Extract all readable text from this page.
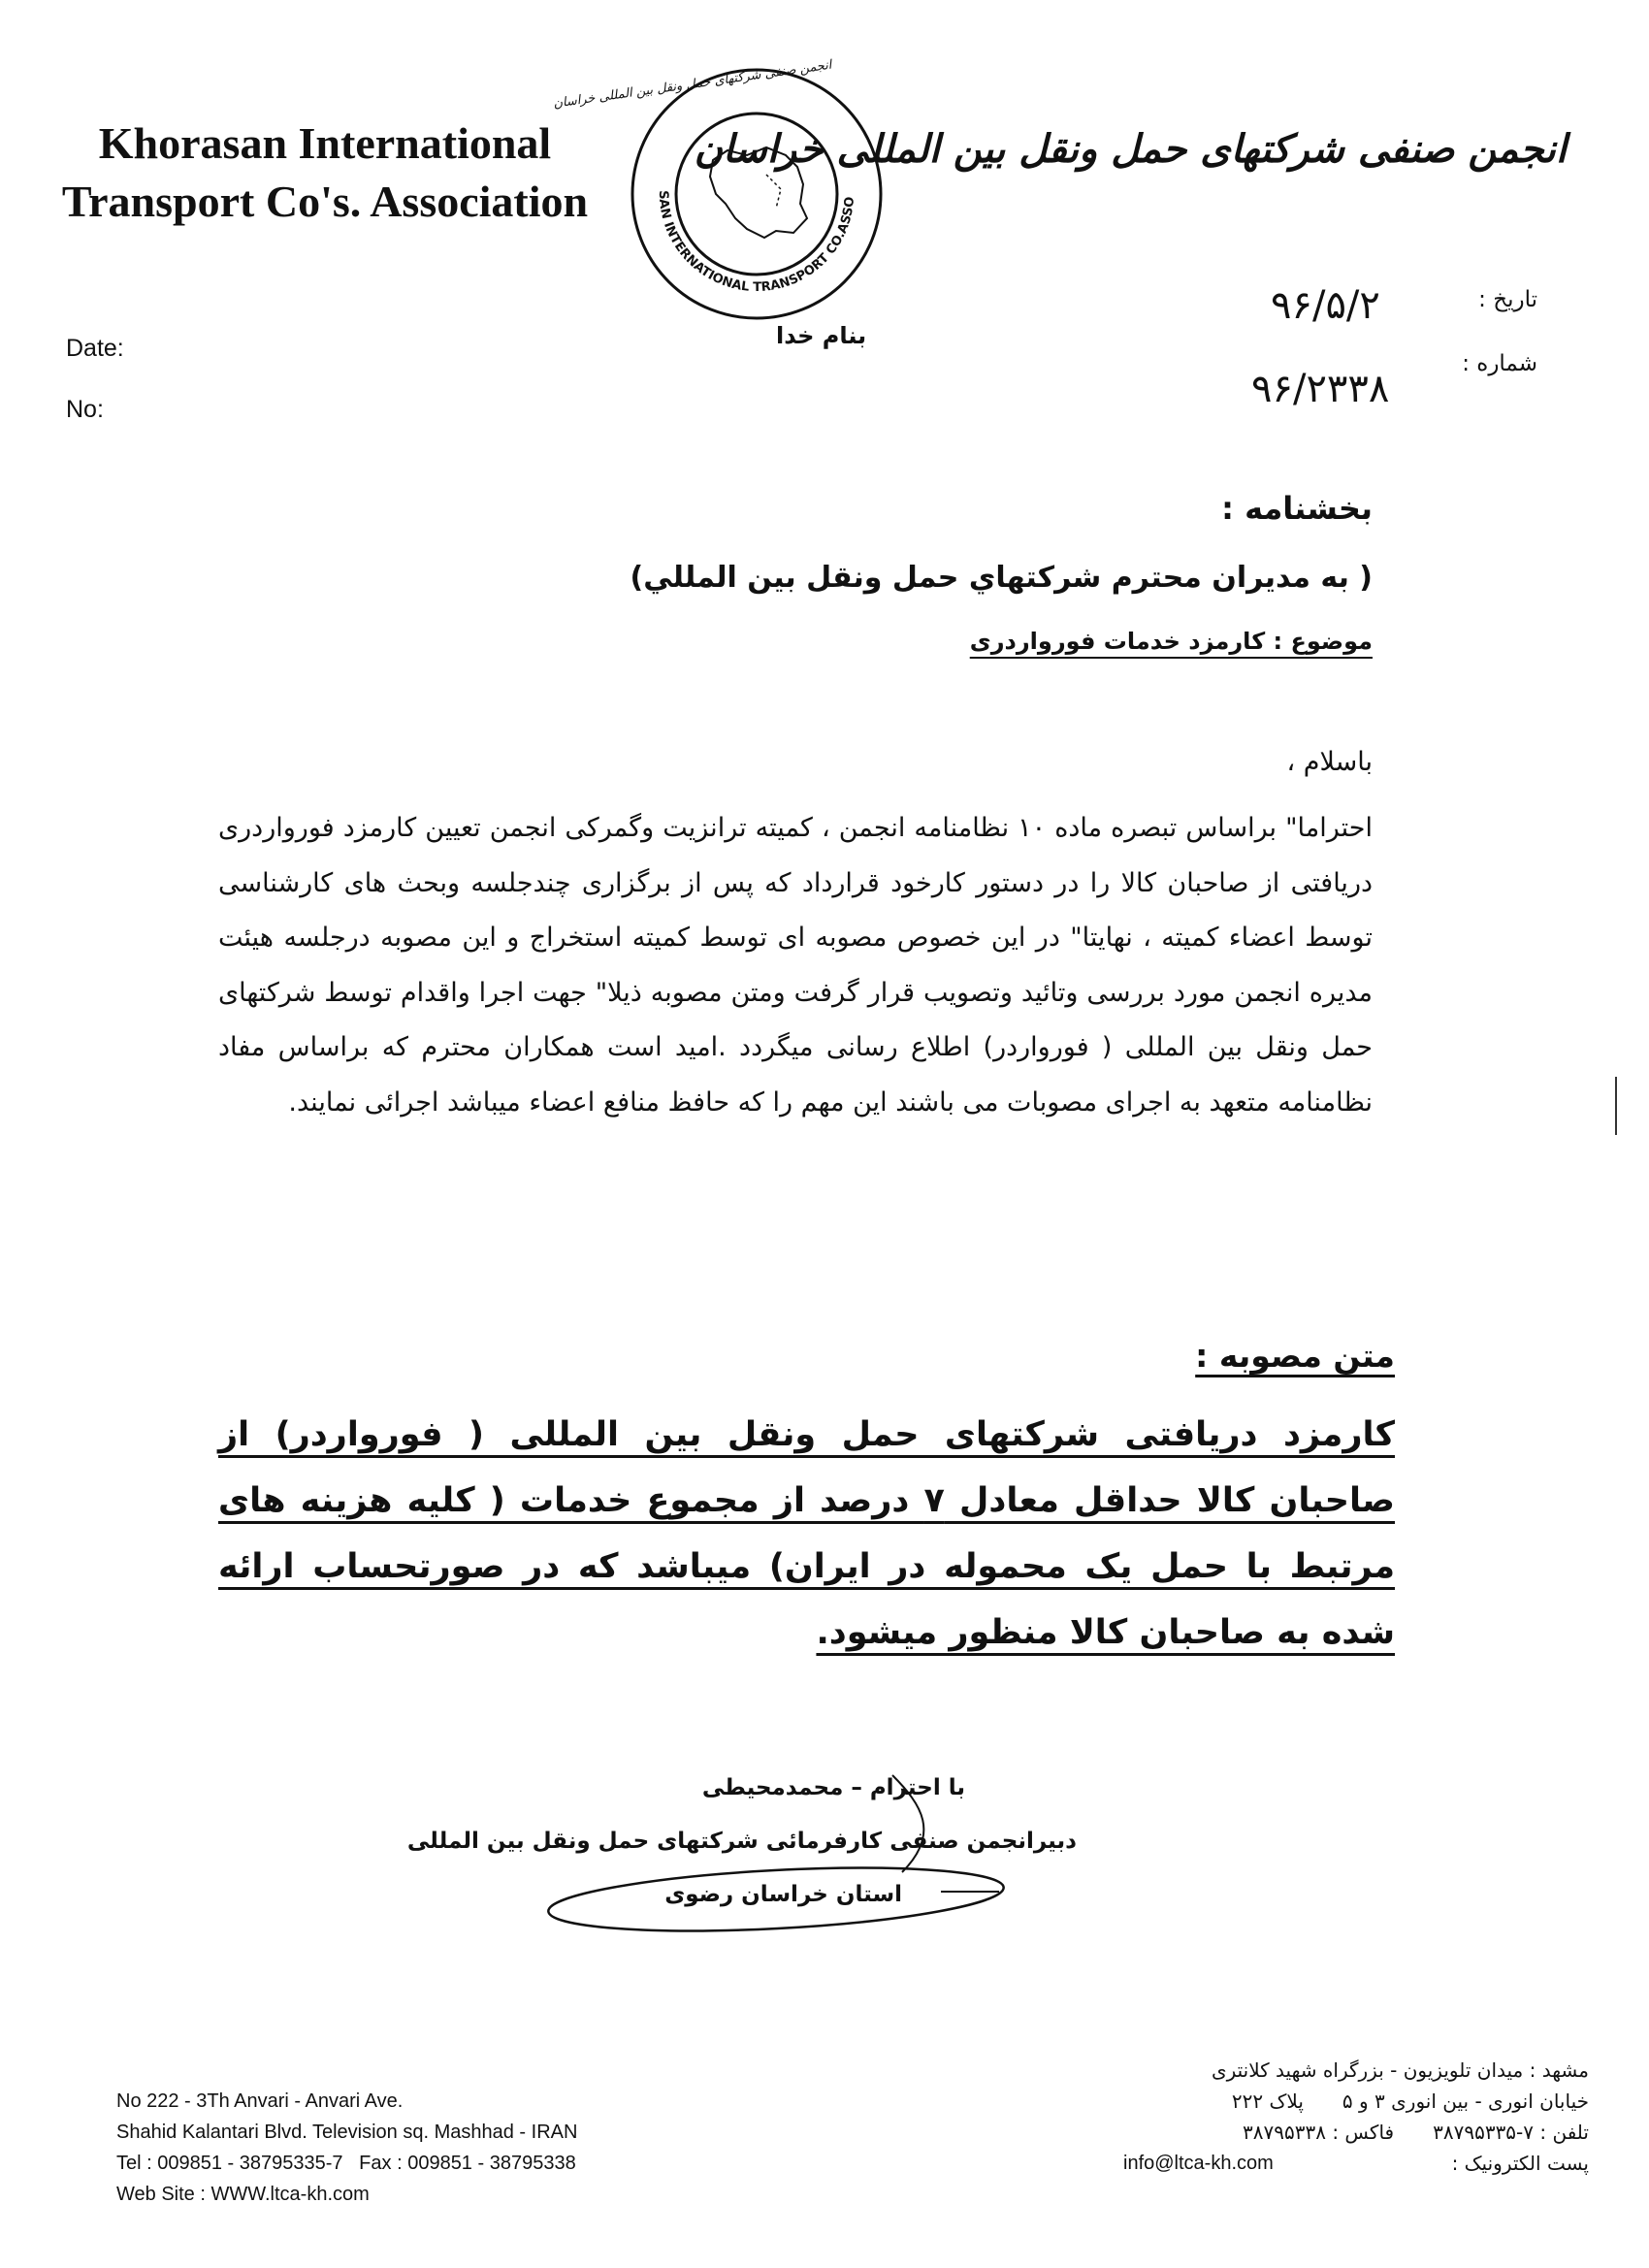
Khorasan International
Transport Co's. Association
انجمن صنفی شرکتهای حمل ونقل بین المللی خراسان
SAN INTERNATIONAL TRANSPORT CO.ASSO
انجمن صنفی شرکتهای حمل ونقل بین المللی خراسان
بنام خدا
Date:
No:
تاریخ :
شماره :
۹۶/۵/۲
۹۶/۲۳۳۸
بخشنامه :
( به مدیران محترم شرکتهاي حمل ونقل بین المللي)
موضوع : کارمزد خدمات فورواردری
باسلام ،
احتراما" براساس تبصره ماده ۱۰ نظامنامه انجمن ، کمیته ترانزیت وگمرکی انجمن تعیین کارمزد فورواردری دریافتی از صاحبان کالا را در دستور کارخود قرارداد که پس از برگزاری چندجلسه وبحث های کارشناسی توسط اعضاء کمیته ، نهایتا" در این خصوص مصوبه ای توسط کمیته استخراج و این مصوبه درجلسه هیئت مدیره انجمن مورد بررسی وتائید وتصویب قرار گرفت ومتن مصوبه ذیلا" جهت اجرا واقدام توسط شرکتهای حمل ونقل بین المللی ( فورواردر) اطلاع رسانی میگردد .امید است همکاران محترم که براساس مفاد نظامنامه متعهد به اجرای مصوبات می باشند این مهم را که حافظ منافع اعضاء میباشد اجرائی نمایند.
متن مصوبه :
کارمزد دریافتی شرکتهای حمل ونقل بین المللی ( فورواردر) از صاحبان کالا حداقل معادل ۷ درصد از مجموع خدمات ( کلیه هزینه های مرتبط با حمل یک محموله در ایران) میباشد که در صورتحساب ارائه شده به صاحبان کالا منظور میشود.
با احترام – محمدمحیطی
دبیرانجمن صنفی کارفرمائی شرکتهای حمل ونقل بین المللی
استان خراسان رضوی
No 222 - 3Th Anvari - Anvari Ave.
Shahid Kalantari Blvd. Television sq. Mashhad - IRAN
Tel : 009851 - 38795335-7   Fax : 009851 - 38795338
Web Site : WWW.ltca-kh.com
مشهد : میدان تلویزیون - بزرگراه شهید کلانتری
خیابان انوری - بین انوری ۳ و ۵
پلاک ۲۲۲
تلفن : ۷-۳۸۷۹۵۳۳۵
فاکس : ۳۸۷۹۵۳۳۸
پست الکترونیک :
info@ltca-kh.com
